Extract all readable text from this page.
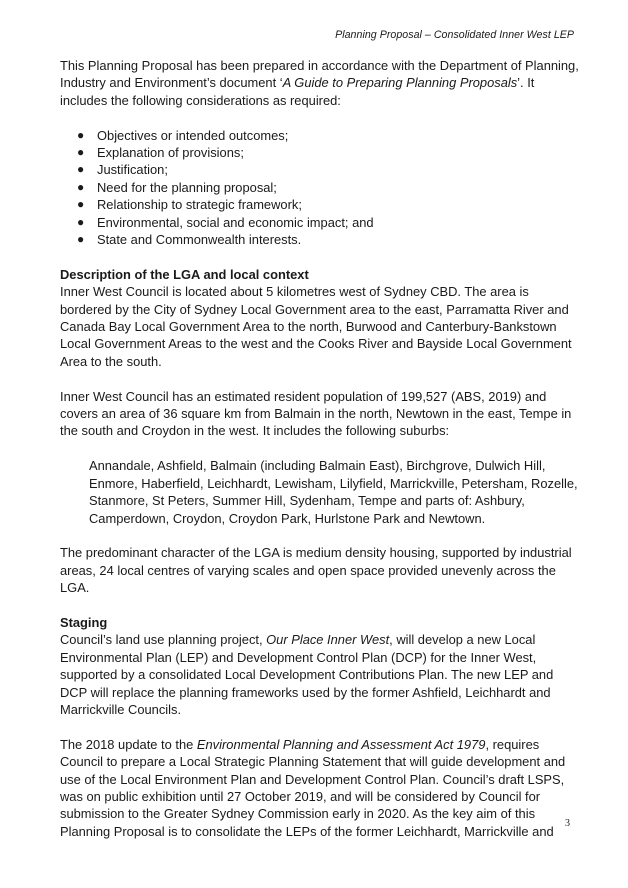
Planning Proposal – Consolidated Inner West LEP

This Planning Proposal has been prepared in accordance with the Department of Planning, Industry and Environment’s document ‘A Guide to Preparing Planning Proposals’. It includes the following considerations as required:

● Objectives or intended outcomes;
● Explanation of provisions;
● Justification;
● Need for the planning proposal;
● Relationship to strategic framework;
● Environmental, social and economic impact; and
● State and Commonwealth interests.
Description of the LGA and local context

Inner West Council is located about 5 kilometres west of Sydney CBD. The area is bordered by the City of Sydney Local Government area to the east, Parramatta River and Canada Bay Local Government Area to the north, Burwood and Canterbury-Bankstown Local Government Areas to the west and the Cooks River and Bayside Local Government Area to the south.

Inner West Council has an estimated resident population of 199,527 (ABS, 2019) and covers an area of 36 square km from Balmain in the north, Newtown in the east, Tempe in the south and Croydon in the west. It includes the following suburbs:

Annandale, Ashfield, Balmain (including Balmain East), Birchgrove, Dulwich Hill, Enmore, Haberfield, Leichhardt, Lewisham, Lilyfield, Marrickville, Petersham, Rozelle, Stanmore, St Peters, Summer Hill, Sydenham, Tempe and parts of: Ashbury, Camperdown, Croydon, Croydon Park, Hurlstone Park and Newtown.

The predominant character of the LGA is medium density housing, supported by industrial areas, 24 local centres of varying scales and open space provided unevenly across the LGA.

Staging

Council’s land use planning project, Our Place Inner West, will develop a new Local Environmental Plan (LEP) and Development Control Plan (DCP) for the Inner West, supported by a consolidated Local Development Contributions Plan. The new LEP and DCP will replace the planning frameworks used by the former Ashfield, Leichhardt and Marrickville Councils.

The 2018 update to the Environmental Planning and Assessment Act 1979, requires Council to prepare a Local Strategic Planning Statement that will guide development and use of the Local Environment Plan and Development Control Plan. Council’s draft LSPS, was on public exhibition until 27 October 2019, and will be considered by Council for submission to the Greater Sydney Commission early in 2020. As the key aim of this Planning Proposal is to consolidate the LEPs of the former Leichhardt, Marrickville and

3
